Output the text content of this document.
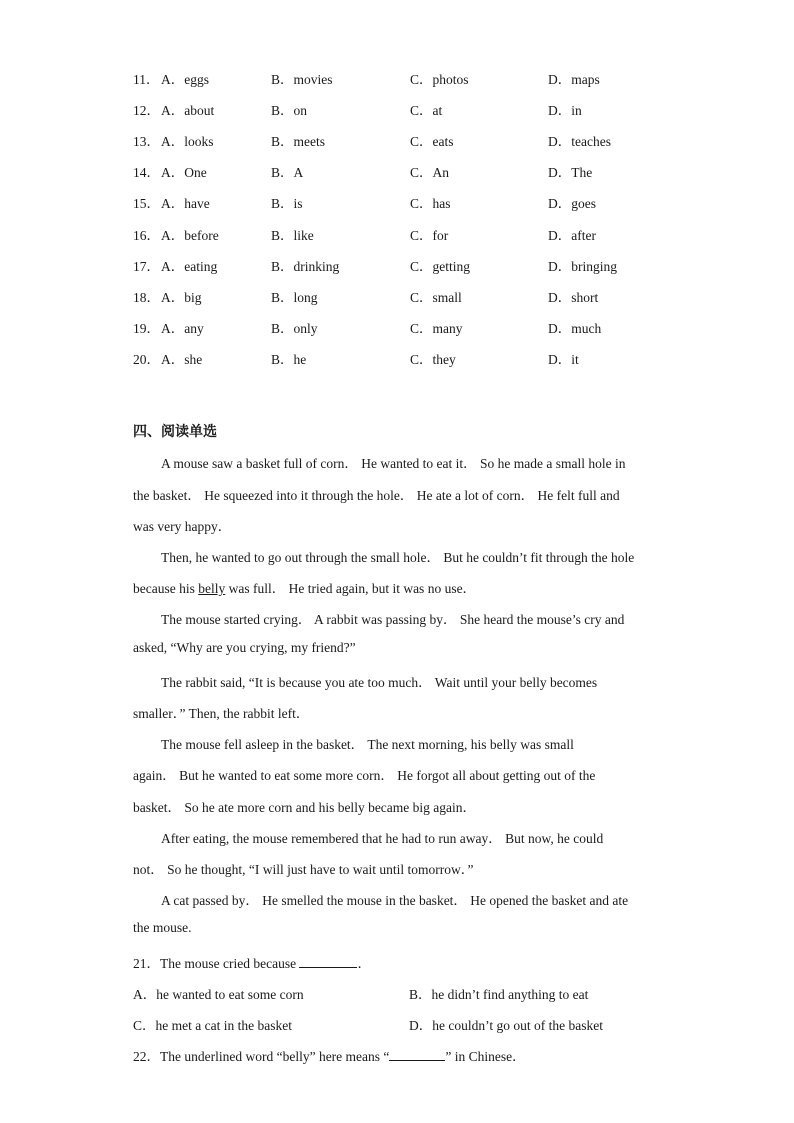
11． A．eggs	B．movies	C．photos	D．maps
12． A．about	B．on	C．at	D．in
13． A．looks	B．meets	C．eats	D．teaches
14． A．One	B．A	C．An	D．The
15． A．have	B．is	C．has	D．goes
16． A．before	B．like	C．for	D．after
17． A．eating	B．drinking	C．getting	D．bringing
18． A．big	B．long	C．small	D．short
19． A．any	B．only	C．many	D．much
20． A．she	B．he	C．they	D．it
四、阅读单选
A mouse saw a basket full of corn． He wanted to eat it． So he made a small hole in
the basket． He squeezed into it through the hole． He ate a lot of corn． He felt full and
was very happy．
Then, he wanted to go out through the small hole． But he couldn’t fit through the hole
because his belly was full． He tried again, but it was no use．
The mouse started crying． A rabbit was passing by． She heard the mouse’s cry and
asked, “Why are you crying, my friend?”
The rabbit said, “It is because you ate too much． Wait until your belly becomes
smaller．” Then, the rabbit left．
The mouse fell asleep in the basket． The next morning, his belly was small
again． But he wanted to eat some more corn． He forgot all about getting out of the
basket． So he ate more corn and his belly became big again．
After eating, the mouse remembered that he had to run away． But now, he could
not． So he thought, “I will just have to wait until tomorrow．”
A cat passed by． He smelled the mouse in the basket． He opened the basket and ate
the mouse.
21．The mouse cried because	．
A．he wanted to eat some corn	B．he didn’t find anything to eat
C．he met a cat in the basket	D．he couldn’t go out of the basket
22．The underlined word “belly” here means “	” in Chinese．
